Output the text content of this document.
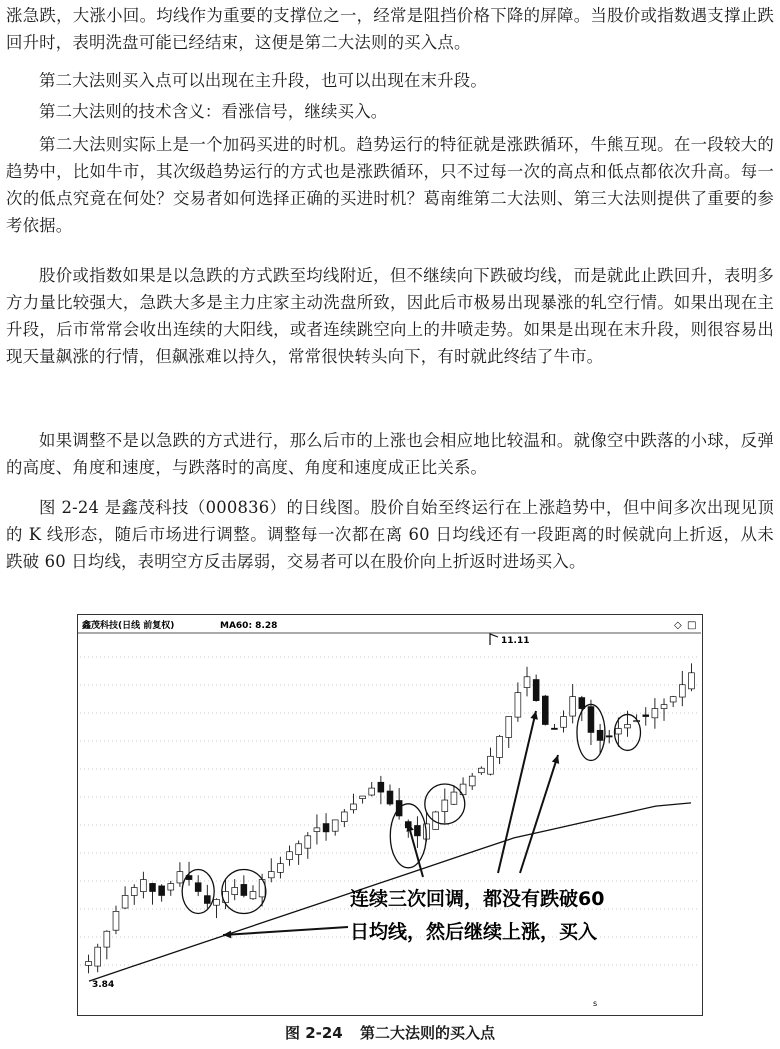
涨急跌，大涨小回。均线作为重要的支撑位之一，经常是阻挡价格下降的屏障。当股价或指数遇支撑止跌回升时，表明洗盘可能已经结束，这便是第二大法则的买入点。
第二大法则买入点可以出现在主升段，也可以出现在末升段。
第二大法则的技术含义：看涨信号，继续买入。
第二大法则实际上是一个加码买进的时机。趋势运行的特征就是涨跌循环，牛熊互现。在一段较大的趋势中，比如牛市，其次级趋势运行的方式也是涨跌循环，只不过每一次的高点和低点都依次升高。每一次的低点究竟在何处？交易者如何选择正确的买进时机？葛南维第二大法则、第三大法则提供了重要的参考依据。
股价或指数如果是以急跌的方式跌至均线附近，但不继续向下跌破均线，而是就此止跌回升，表明多方力量比较强大，急跌大多是主力庄家主动洗盘所致，因此后市极易出现暴涨的轧空行情。如果出现在主升段，后市常常会收出连续的大阳线，或者连续跳空向上的井喷走势。如果是出现在末升段，则很容易出现天量飙涨的行情，但飙涨难以持久，常常很快转头向下，有时就此终结了牛市。
如果调整不是以急跌的方式进行，那么后市的上涨也会相应地比较温和。就像空中跌落的小球，反弹的高度、角度和速度，与跌落时的高度、角度和速度成正比关系。
图 2-24 是鑫茂科技（000836）的日线图。股价自始至终运行在上涨趋势中，但中间多次出现见顶的 K 线形态，随后市场进行调整。调整每一次都在离 60 日均线还有一段距离的时候就向上折返，从未跌破 60 日均线，表明空方反击孱弱，交易者可以在股价向上折返时进场买入。
鑫茂科技(日线 前复权)	MA60: 8.28	◇ □
11.11
3.84
连续三次回调，都没有跌破60
日均线，然后继续上涨，买入
s
图 2-24 第二大法则的买入点
